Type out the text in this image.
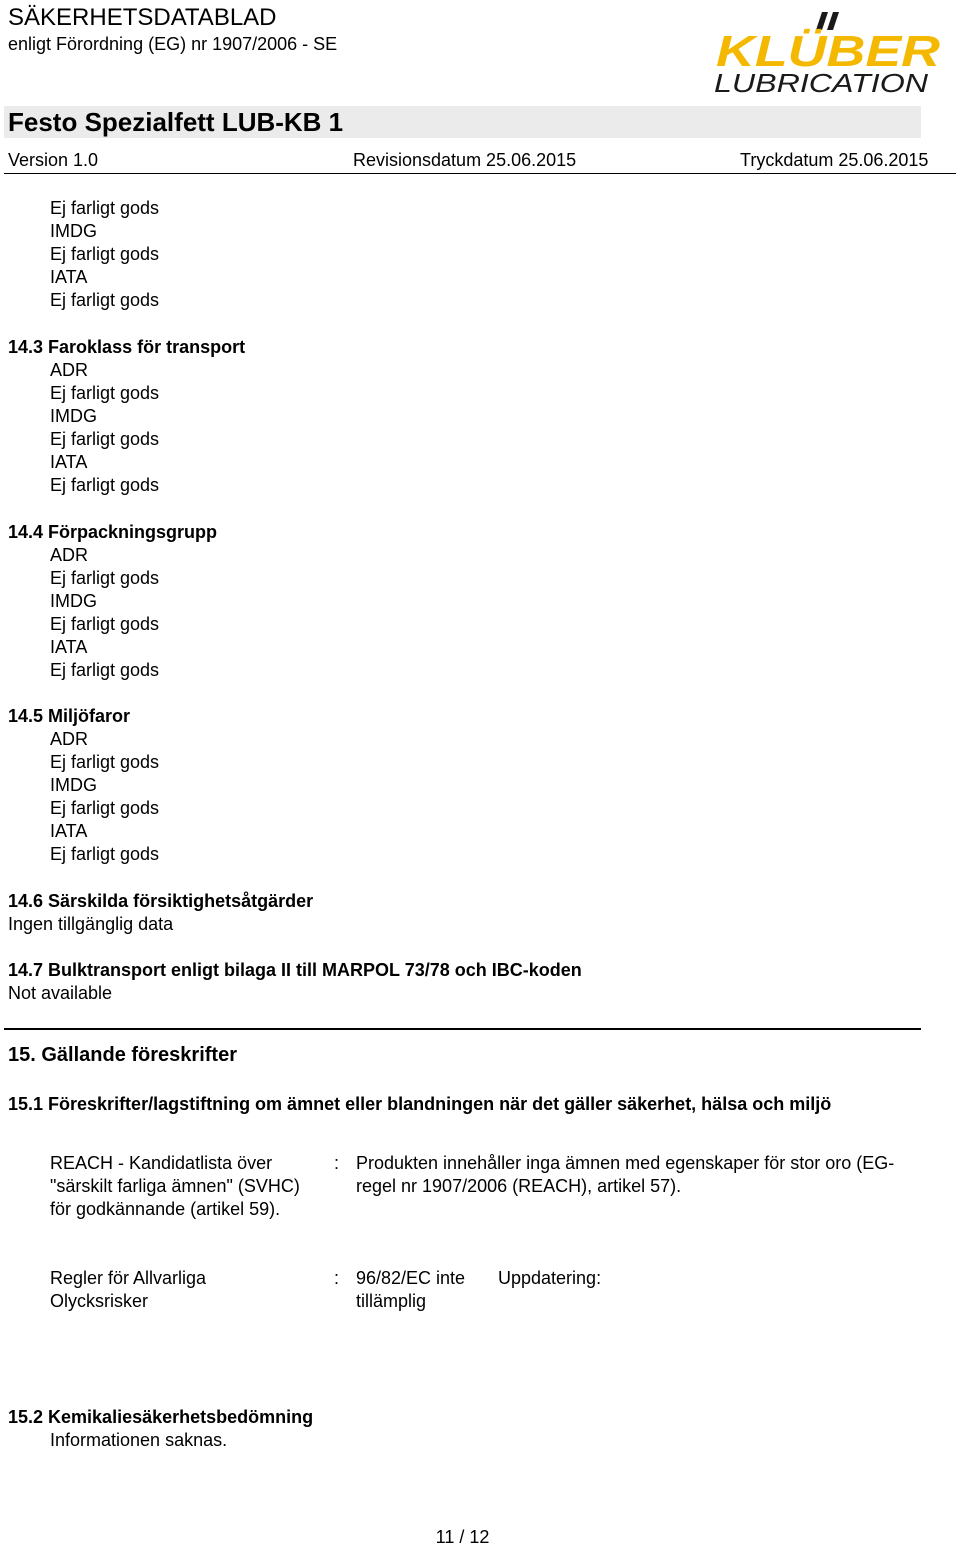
SÄKERHETSDATABLAD
enligt Förordning (EG) nr 1907/2006 - SE	KLÜBER
LUBRICATION
Festo Spezialfett LUB-KB 1
Version 1.0	Revisionsdatum 25.06.2015	Tryckdatum 25.06.2015
Ej farligt gods
IMDG
Ej farligt gods
IATA
Ej farligt gods
14.3 Faroklass för transport
ADR
Ej farligt gods
IMDG
Ej farligt gods
IATA
Ej farligt gods
14.4 Förpackningsgrupp
ADR
Ej farligt gods
IMDG
Ej farligt gods
IATA
Ej farligt gods
14.5 Miljöfaror
ADR
Ej farligt gods
IMDG
Ej farligt gods
IATA
Ej farligt gods
14.6 Särskilda försiktighetsåtgärder
Ingen tillgänglig data
14.7 Bulktransport enligt bilaga II till MARPOL 73/78 och IBC-koden
Not available
15. Gällande föreskrifter
15.1 Föreskrifter/lagstiftning om ämnet eller blandningen när det gäller säkerhet, hälsa och miljö
REACH - Kandidatlista över "särskilt farliga ämnen" (SVHC) för godkännande (artikel 59).
: Produkten innehåller inga ämnen med egenskaper för stor oro (EG-regel nr 1907/2006 (REACH), artikel 57).
Regler för Allvarliga Olycksrisker
: 96/82/EC inte tillämplig
Uppdatering:
15.2 Kemikaliesäkerhetsbedömning
Informationen saknas.
11 / 12
